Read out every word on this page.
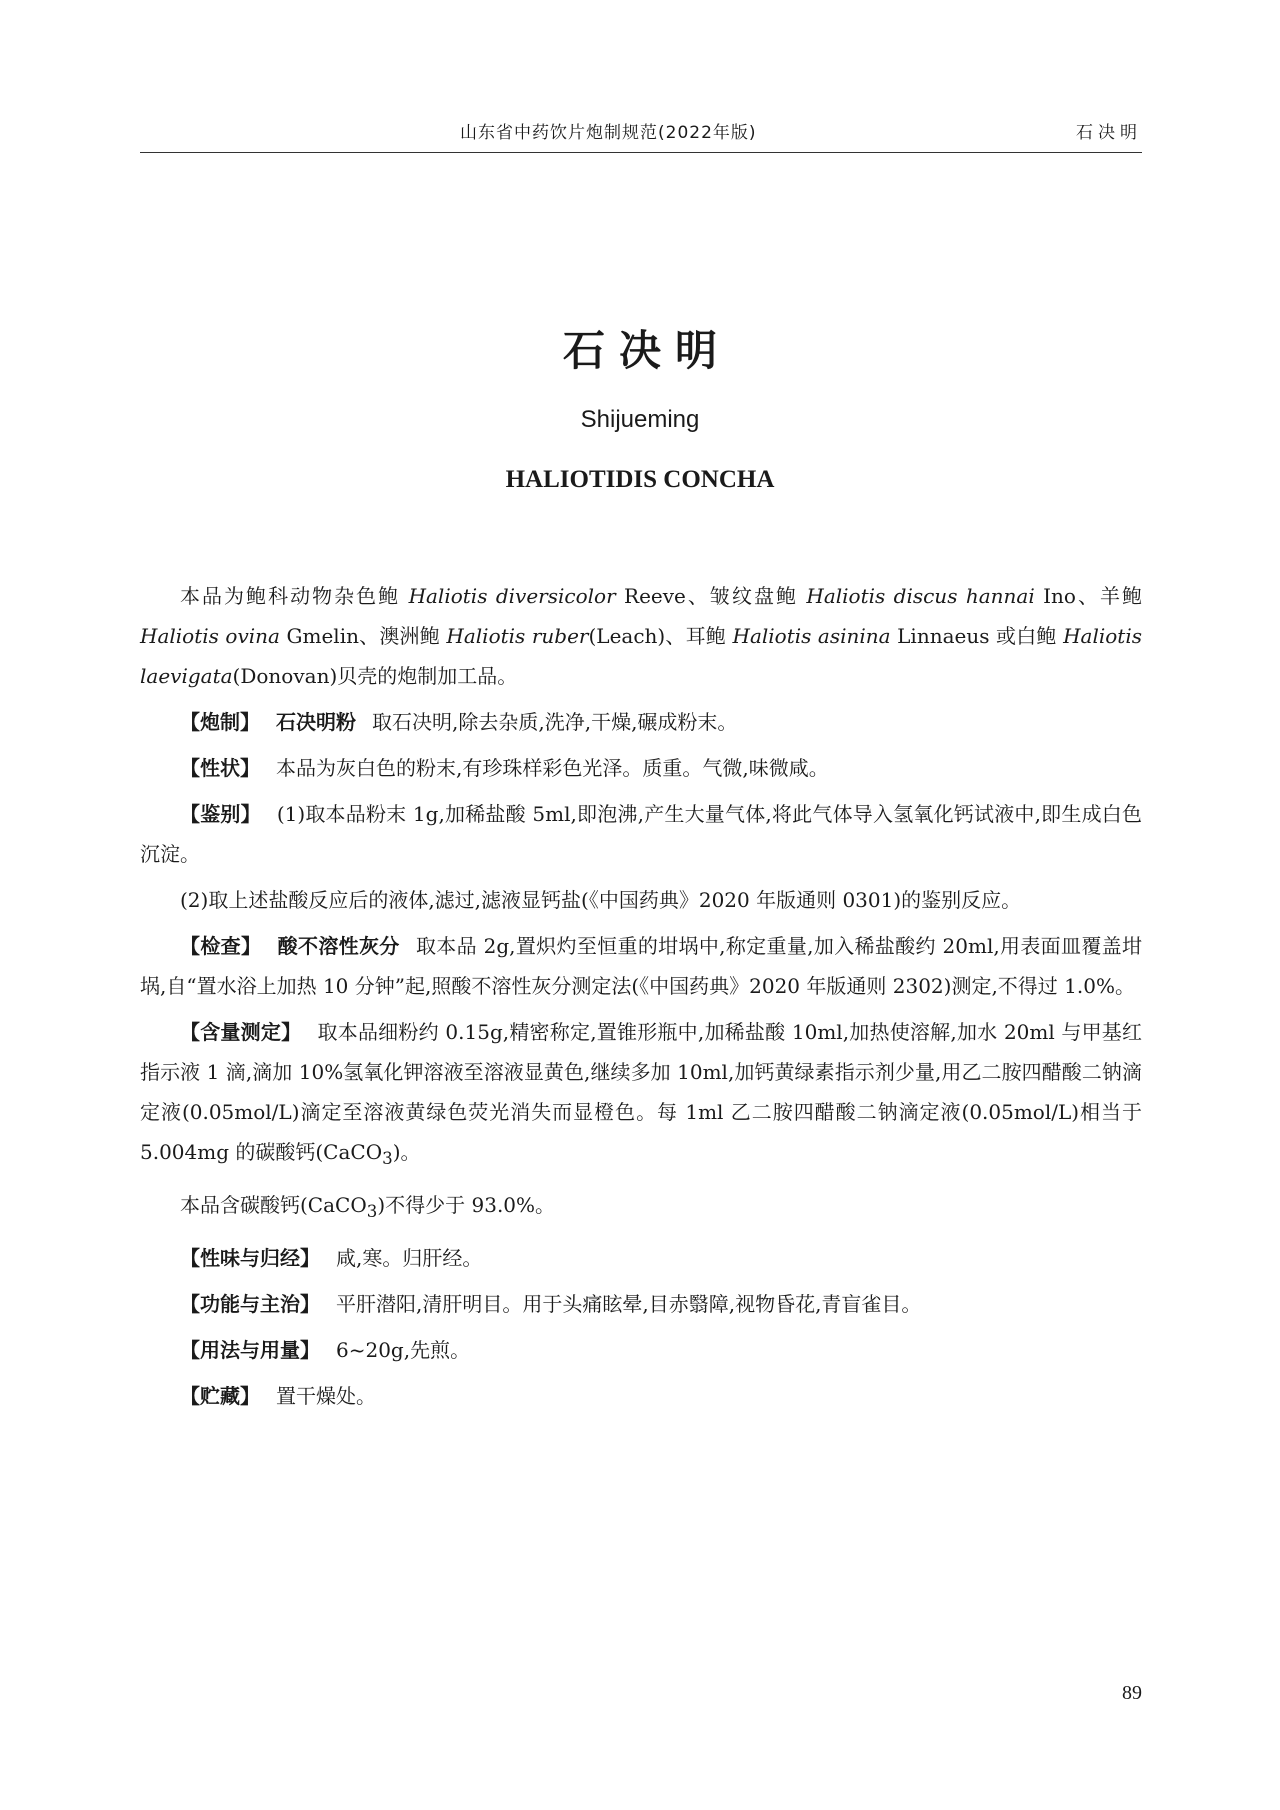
山东省中药饮片炮制规范(2022年版)	石决明
石决明
Shijueming
HALIOTIDIS CONCHA

本品为鲍科动物杂色鲍 Haliotis diversicolor Reeve、皱纹盘鲍 Haliotis discus hannai Ino、羊鲍 Haliotis ovina Gmelin、澳洲鲍 Haliotis ruber(Leach)、耳鲍 Haliotis asinina Linnaeus 或白鲍 Haliotis laevigata(Donovan)贝壳的炮制加工品。

【炮制】 石决明粉 取石决明,除去杂质,洗净,干燥,碾成粉末。

【性状】 本品为灰白色的粉末,有珍珠样彩色光泽。质重。气微,味微咸。

【鉴别】 (1)取本品粉末 1g,加稀盐酸 5ml,即泡沸,产生大量气体,将此气体导入氢氧化钙试液中,即生成白色沉淀。

(2)取上述盐酸反应后的液体,滤过,滤液显钙盐(《中国药典》2020 年版通则 0301)的鉴别反应。

【检查】 酸不溶性灰分 取本品 2g,置炽灼至恒重的坩埚中,称定重量,加入稀盐酸约 20ml,用表面皿覆盖坩埚,自“置水浴上加热 10 分钟”起,照酸不溶性灰分测定法(《中国药典》2020 年版通则 2302)测定,不得过 1.0%。

【含量测定】 取本品细粉约 0.15g,精密称定,置锥形瓶中,加稀盐酸 10ml,加热使溶解,加水 20ml 与甲基红指示液 1 滴,滴加 10%氢氧化钾溶液至溶液显黄色,继续多加 10ml,加钙黄绿素指示剂少量,用乙二胺四醋酸二钠滴定液(0.05mol/L)滴定至溶液黄绿色荧光消失而显橙色。每 1ml 乙二胺四醋酸二钠滴定液(0.05mol/L)相当于 5.004mg 的碳酸钙(CaCO$_3$)。

本品含碳酸钙(CaCO$_3$)不得少于 93.0%。

【性味与归经】 咸,寒。归肝经。

【功能与主治】 平肝潜阳,清肝明目。用于头痛眩晕,目赤翳障,视物昏花,青盲雀目。

【用法与用量】 6~20g,先煎。

【贮藏】 置干燥处。

89
